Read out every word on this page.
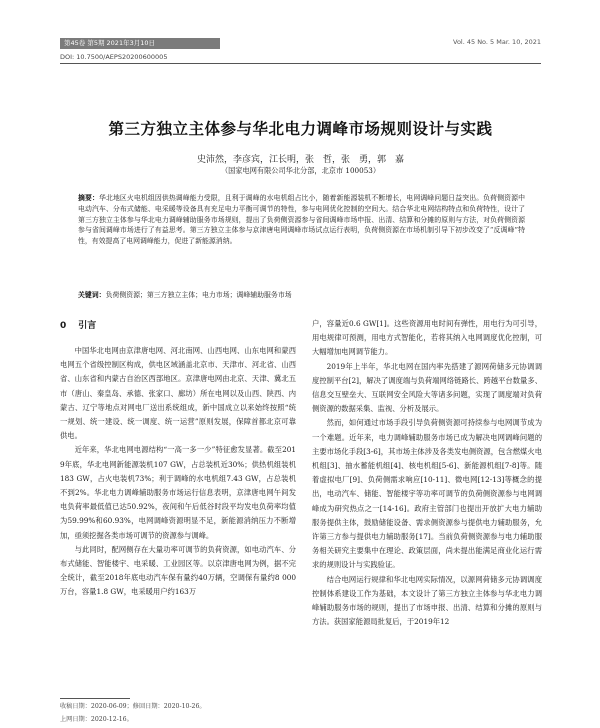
第45卷 第5期 2021年3月10日	Vol. 45 No. 5 Mar. 10, 2021
DOI: 10.7500/AEPS20200600005
第三方独立主体参与华北电力调峰市场规则设计与实践
史沛然，李彦宾，江长明，张　哲，张　勇，郭　嘉
（国家电网有限公司华北分部，北京市 100053）
摘要：华北地区火电机组因供热调峰能力受限，且利于调峰的水电机组占比小，随着新能源装机不断增长，电网调峰问题日益突出。负荷侧资源中电动汽车、分布式储能、电采暖等设备具有充足电力平衡可调节的特性，参与电网优化控制的空间大。结合华北电网结构特点和负荷特性，设计了第三方独立主体参与华北电力调峰辅助服务市场规则，提出了负荷侧资源参与省间调峰市场申报、出清、结算和分摊的原则与方法，对负荷侧资源参与省间调峰市场进行了有益思考。第三方独立主体参与京津唐电网调峰市场试点运行表明，负荷侧资源在市场机制引导下初步改变了“反调峰”特性，有效提高了电网调峰能力，促进了新能源消纳。
关键词：负荷侧资源；第三方独立主体；电力市场；调峰辅助服务市场
0 引言

中国华北电网由京津唐电网、河北南网、山西电网、山东电网和蒙西电网五个省级控制区构成，供电区域涵盖北京市、天津市、河北省、山西省、山东省和内蒙古自治区西部地区。京津唐电网由北京、天津、冀北五市（唐山、秦皇岛、承德、张家口、廊坊）所在电网以及山西、陕西、内蒙古、辽宁等地点对网电厂送出系统组成，新中国成立以来始终按照“统一规划、统一建设、统一调度、统一运营”原则发展，保障首都北京可靠供电。

近年来，华北电网电源结构“一高一多一少”特征愈发显著。截至2019年底，华北电网新能源装机107 GW，占总装机近30%；供热机组装机183 GW，占火电装机73%；利于调峰的水电机组7.43 GW，占总装机不到2%。华北电力调峰辅助服务市场运行信息表明，京津唐电网午间发电负荷率最低值已达50.92%，夜间和午后低谷时段平均发电负荷率均值为59.99%和60.93%，电网调峰资源明显不足，新能源消纳压力不断增加，亟须挖掘各类市场可调节的资源参与调峰。

与此同时，配网侧存在大量功率可调节的负荷资源，如电动汽车、分布式储能、智能楼宇、电采暖、工业园区等。以京津唐电网为例，据不完全统计，截至2018年底电动汽车保有量约40万辆，空调保有量约8 000万台，容量1.8 GW，电采暖用户约163万

户，容量近0.6 GW[1]。这些资源用电时间有弹性，用电行为可引导，用电规律可预测，用电方式智能化，若将其纳入电网调度优化控制，可大幅增加电网调节能力。

2019年上半年，华北电网在国内率先搭建了源网荷储多元协调调度控制平台[2]，解决了调度端与负荷端网络链路长、跨越平台数量多、信息交互壁垒大、互联网安全风险大等诸多问题，实现了调度端对负荷侧资源的数据采集、监视、分析及展示。

然而，如何通过市场手段引导负荷侧资源可持续参与电网调节成为一个难题。近年来，电力调峰辅助服务市场已成为解决电网调峰问题的主要市场化手段[3-6]，其市场主体涉及各类发电侧资源，包含燃煤火电机组[3]、抽水蓄能机组[4]、核电机组[5-6]、新能源机组[7-8]等。随着虚拟电厂[9]、负荷侧需求响应[10-11]、微电网[12-13]等概念的提出，电动汽车、储能、智能楼宇等功率可调节的负荷侧资源参与电网调峰成为研究热点之一[14-16]。政府主管部门也提出开放扩大电力辅助服务提供主体，鼓励储能设备、需求侧资源参与提供电力辅助服务，允许第三方参与提供电力辅助服务[17]。当前负荷侧资源参与电力辅助服务相关研究主要集中在理论、政策层面，尚未提出能满足商业化运行需求的规则设计与实践验证。

结合电网运行规律和华北电网实际情况，以源网荷储多元协调调度控制体系建设工作为基础，本文设计了第三方独立主体参与华北电力调峰辅助服务市场的规则，提出了市场申报、出清、结算和分摊的原则与方法。获国家能源局批复后，于2019年12

收稿日期：2020-06-09；修回日期：2020-10-26。
上网日期：2020-12-16。
